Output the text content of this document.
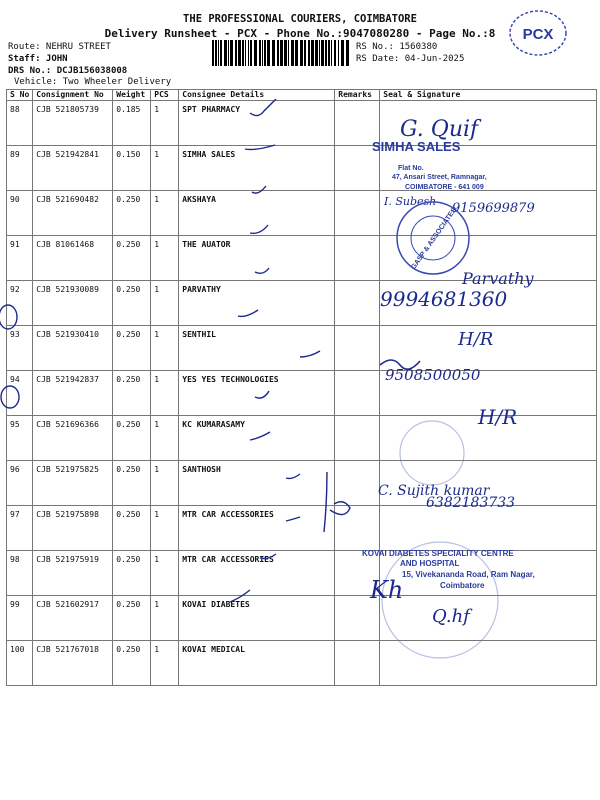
THE PROFESSIONAL COURIERS, COIMBATORE
Delivery Runsheet - PCX - Phone No.:9047080280 - Page No.:8
Route: NEHRU STREET
Staff: JOHN
DRS No.: DCJB156038008
Vehicle: Two Wheeler Delivery
RS No.: 1560380
RS Date: 04-Jun-2025
S No	Consignment No	Weight	PCS	Consignee Details	Remarks	Seal & Signature
88	CJB 521805739	0.185	1	SPT PHARMACY		
89	CJB 521942841	0.150	1	SIMHA SALES		
90	CJB 521690482	0.250	1	AKSHAYA		
91	CJB 81061468	0.250	1	THE AUATOR		
92	CJB 521930089	0.250	1	PARVATHY		
93	CJB 521930410	0.250	1	SENTHIL		
94	CJB 521942837	0.250	1	YES YES TECHNOLOGIES		
95	CJB 521696366	0.250	1	KC KUMARASAMY		
96	CJB 521975825	0.250	1	SANTHOSH		
97	CJB 521975898	0.250	1	MTR CAR ACCESSORIES		
98	CJB 521975919	0.250	1	MTR CAR ACCESSORIES		
99	CJB 521602917	0.250	1	KOVAI DIABETES		
100	CJB 521767018	0.250	1	KOVAI MEDICAL		
PCX
G. Quif
SIMHA SALES
Flat No.
47, Ansari Street, Ramnagar,
COIMBATORE - 641 009
I. Subesh 9159699879
GASP & ASSOCIATES
Parvathy
9994681360
H/R
9508500050
H/R
C. Sujith kumar
6382183733
KOVAI DIABETES SPECIALITY CENTRE
AND HOSPITAL
15, Vivekananda Road, Ram Nagar,
Coimbatore
Kh
Q.hf
